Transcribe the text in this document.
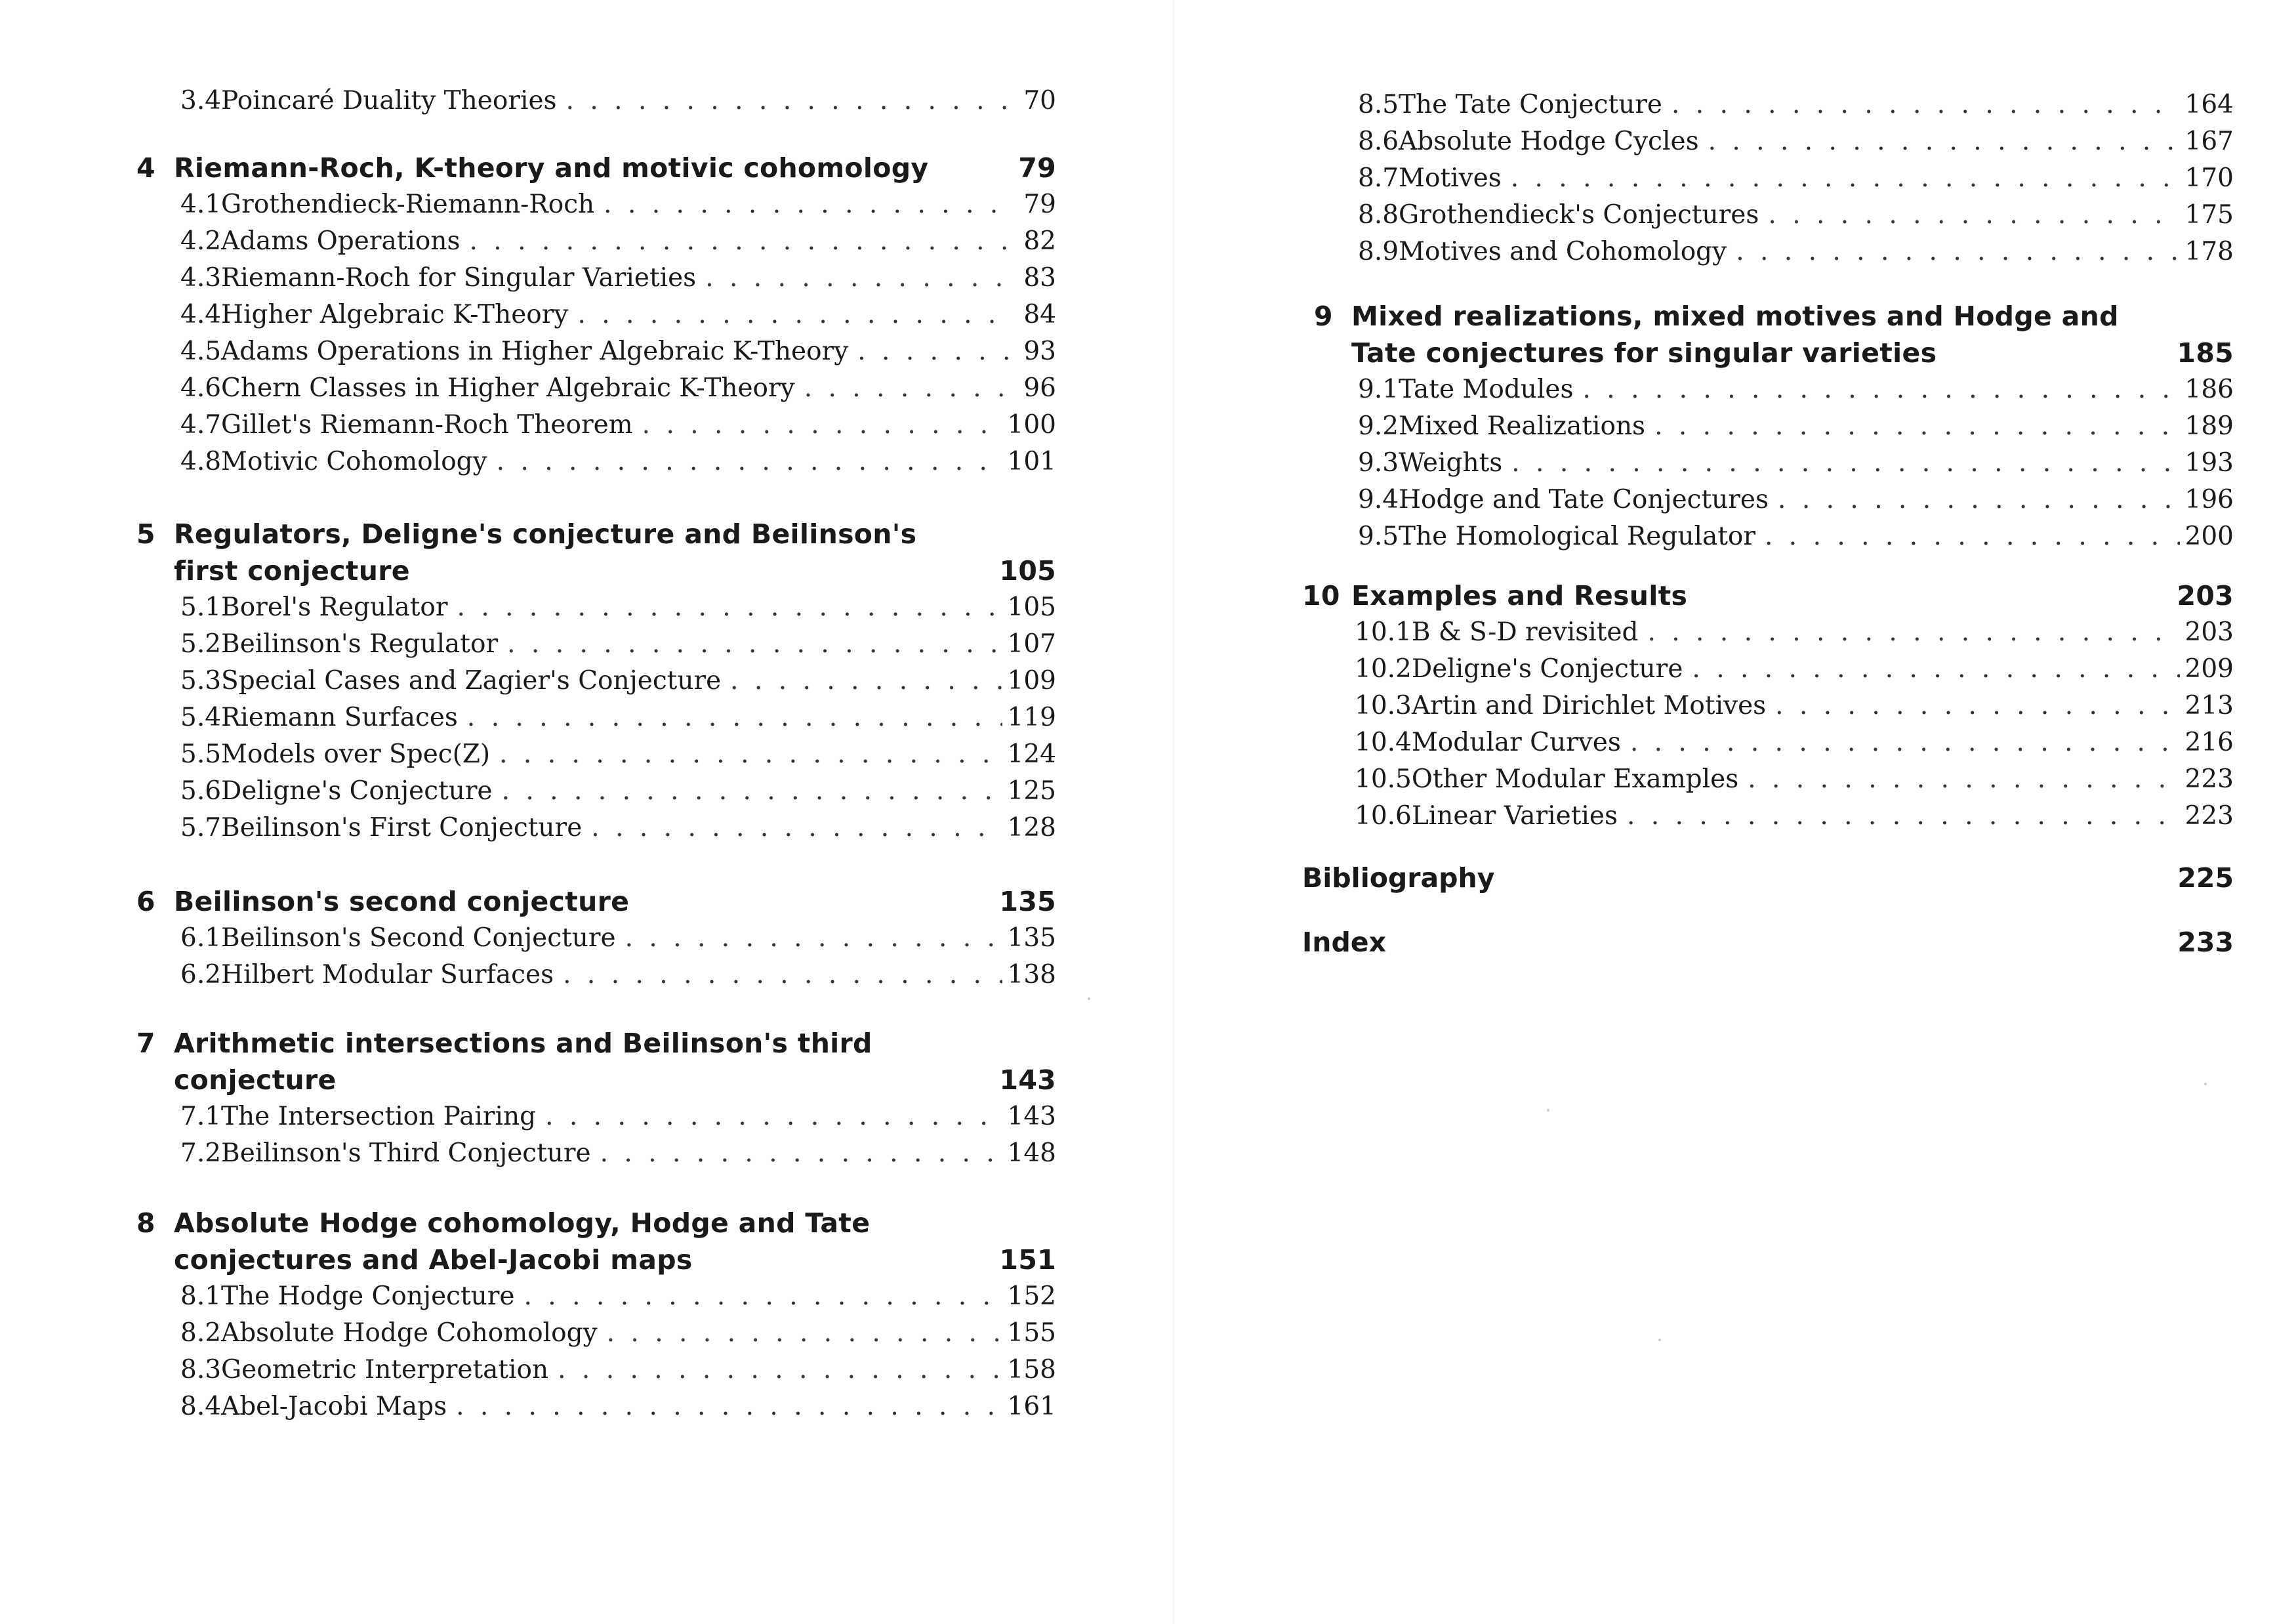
3.4 Poincaré Duality Theories . . .	70
4 Riemann-Roch, K-theory and motivic cohomology	79
4.1 Grothendieck-Riemann-Roch . . .	79
4.2 Adams Operations . . .	82
4.3 Riemann-Roch for Singular Varieties . . .	83
4.4 Higher Algebraic K-Theory . . .	84
4.5 Adams Operations in Higher Algebraic K-Theory . . .	93
4.6 Chern Classes in Higher Algebraic K-Theory . . .	96
4.7 Gillet's Riemann-Roch Theorem . . .	100
4.8 Motivic Cohomology . . .	101
5 Regulators, Deligne's conjecture and Beilinson's
first conjecture	105
5.1 Borel's Regulator . . .	105
5.2 Beilinson's Regulator . . .	107
5.3 Special Cases and Zagier's Conjecture . . .	109
5.4 Riemann Surfaces . . .	119
5.5 Models over Spec(Z) . . .	124
5.6 Deligne's Conjecture . . .	125
5.7 Beilinson's First Conjecture . . .	128
6 Beilinson's second conjecture	135
6.1 Beilinson's Second Conjecture . . .	135
6.2 Hilbert Modular Surfaces . . .	138
7 Arithmetic intersections and Beilinson's third
conjecture	143
7.1 The Intersection Pairing . . .	143
7.2 Beilinson's Third Conjecture . . .	148
8 Absolute Hodge cohomology, Hodge and Tate
conjectures and Abel-Jacobi maps	151
8.1 The Hodge Conjecture . . .	152
8.2 Absolute Hodge Cohomology . . .	155
8.3 Geometric Interpretation . . .	158
8.4 Abel-Jacobi Maps . . .	161
8.5 The Tate Conjecture . . .	164
8.6 Absolute Hodge Cycles . . .	167
8.7 Motives . . .	170
8.8 Grothendieck's Conjectures . . .	175
8.9 Motives and Cohomology . . .	178
9 Mixed realizations, mixed motives and Hodge and
Tate conjectures for singular varieties	185
9.1 Tate Modules . . .	186
9.2 Mixed Realizations . . .	189
9.3 Weights . . .	193
9.4 Hodge and Tate Conjectures . . .	196
9.5 The Homological Regulator . . .	200
10 Examples and Results	203
10.1 B & S-D revisited . . .	203
10.2 Deligne's Conjecture . . .	209
10.3 Artin and Dirichlet Motives . . .	213
10.4 Modular Curves . . .	216
10.5 Other Modular Examples . . .	223
10.6 Linear Varieties . . .	223
Bibliography	225
Index	233
